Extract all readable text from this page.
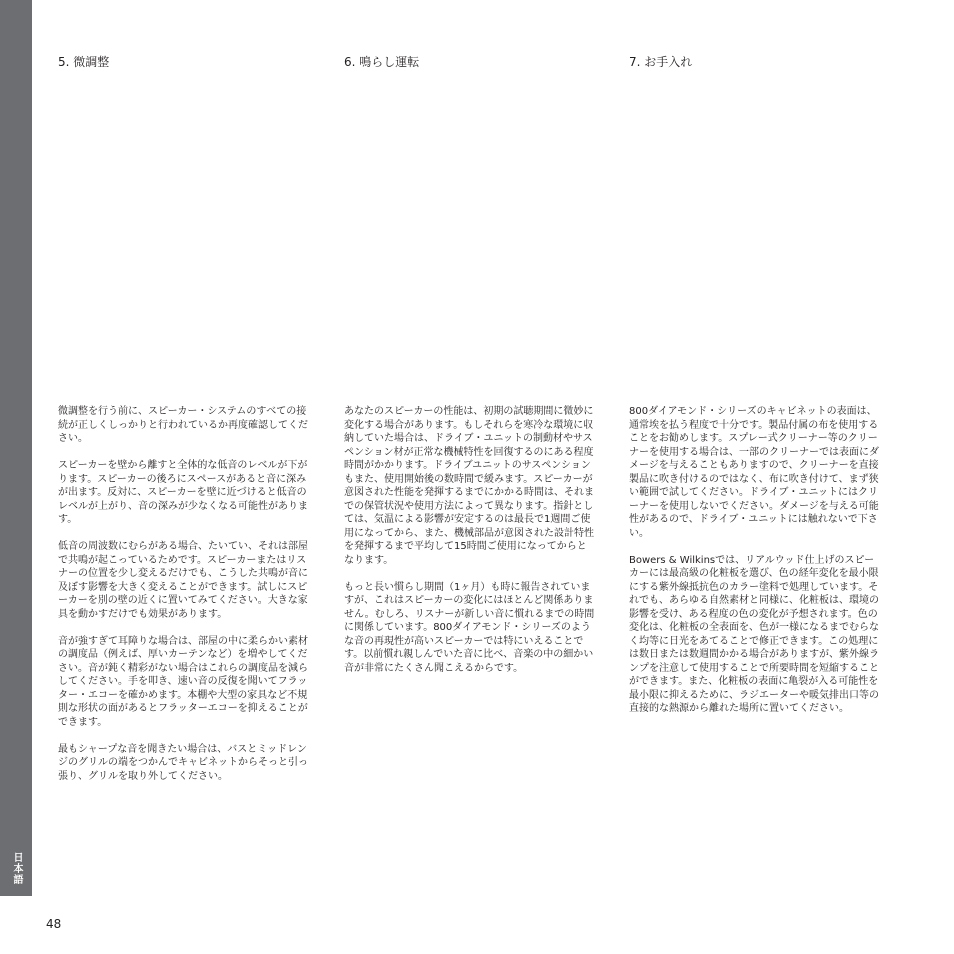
日本語
5. 微調整

微調整を行う前に、スピーカー・システムのすべての接続が正しくしっかりと行われているか再度確認してください。

スピーカーを壁から離すと全体的な低音のレベルが下がります。スピーカーの後ろにスペースがあると音に深みが出ます。反対に、スピーカーを壁に近づけると低音のレベルが上がり、音の深みが少なくなる可能性があります。

低音の周波数にむらがある場合、たいてい、それは部屋で共鳴が起こっているためです。スピーカーまたはリスナーの位置を少し変えるだけでも、こうした共鳴が音に及ぼす影響を大きく変えることができます。試しにスピーカーを別の壁の近くに置いてみてください。大きな家具を動かすだけでも効果があります。

音が強すぎて耳障りな場合は、部屋の中に柔らかい素材の調度品（例えば、厚いカーテンなど）を増やしてください。音が鈍く精彩がない場合はこれらの調度品を減らしてください。手を叩き、速い音の反復を聞いてフラッター・エコーを確かめます。本棚や大型の家具など不規則な形状の面があるとフラッターエコーを抑えることができます。

最もシャープな音を聞きたい場合は、バスとミッドレンジのグリルの端をつかんでキャビネットからそっと引っ張り、グリルを取り外してください。

6. 鳴らし運転

あなたのスピーカーの性能は、初期の試聴期間に微妙に変化する場合があります。もしそれらを寒冷な環境に収納していた場合は、ドライブ・ユニットの制動材やサスペンション材が正常な機械特性を回復するのにある程度時間がかかります。ドライブユニットのサスペンションもまた、使用開始後の数時間で緩みます。スピーカーが意図された性能を発揮するまでにかかる時間は、それまでの保管状況や使用方法によって異なります。指針としては、気温による影響が安定するのは最長で1週間ご使用になってから、また、機械部品が意図された設計特性を発揮するまで平均して15時間ご使用になってからとなります。

もっと長い慣らし期間（1ヶ月）も時に報告されていますが、これはスピーカーの変化にはほとんど関係ありません。むしろ、リスナーが新しい音に慣れるまでの時間に関係しています。800ダイアモンド・シリーズのような音の再現性が高いスピーカーでは特にいえることです。以前慣れ親しんでいた音に比べ、音楽の中の細かい音が非常にたくさん聞こえるからです。

7. お手入れ

800ダイアモンド・シリーズのキャビネットの表面は、通常埃を払う程度で十分です。製品付属の布を使用することをお勧めします。スプレー式クリーナー等のクリーナーを使用する場合は、一部のクリーナーでは表面にダメージを与えることもありますので、クリーナーを直接製品に吹き付けるのではなく、布に吹き付けて、まず狭い範囲で試してください。ドライブ・ユニットにはクリーナーを使用しないでください。ダメージを与える可能性があるので、ドライブ・ユニットには触れないで下さい。

Bowers & Wilkinsでは、リアルウッド仕上げのスピーカーには最高級の化粧板を選び、色の経年変化を最小限にする紫外線抵抗色のカラー塗料で処理しています。それでも、あらゆる自然素材と同様に、化粧板は、環境の影響を受け、ある程度の色の変化が予想されます。色の変化は、化粧板の全表面を、色が一様になるまでむらなく均等に日光をあてることで修正できます。この処理には数日または数週間かかる場合がありますが、紫外線ランプを注意して使用することで所要時間を短縮することができます。また、化粧板の表面に亀裂が入る可能性を最小限に抑えるために、ラジエーターや暖気排出口等の直接的な熱源から離れた場所に置いてください。

48
